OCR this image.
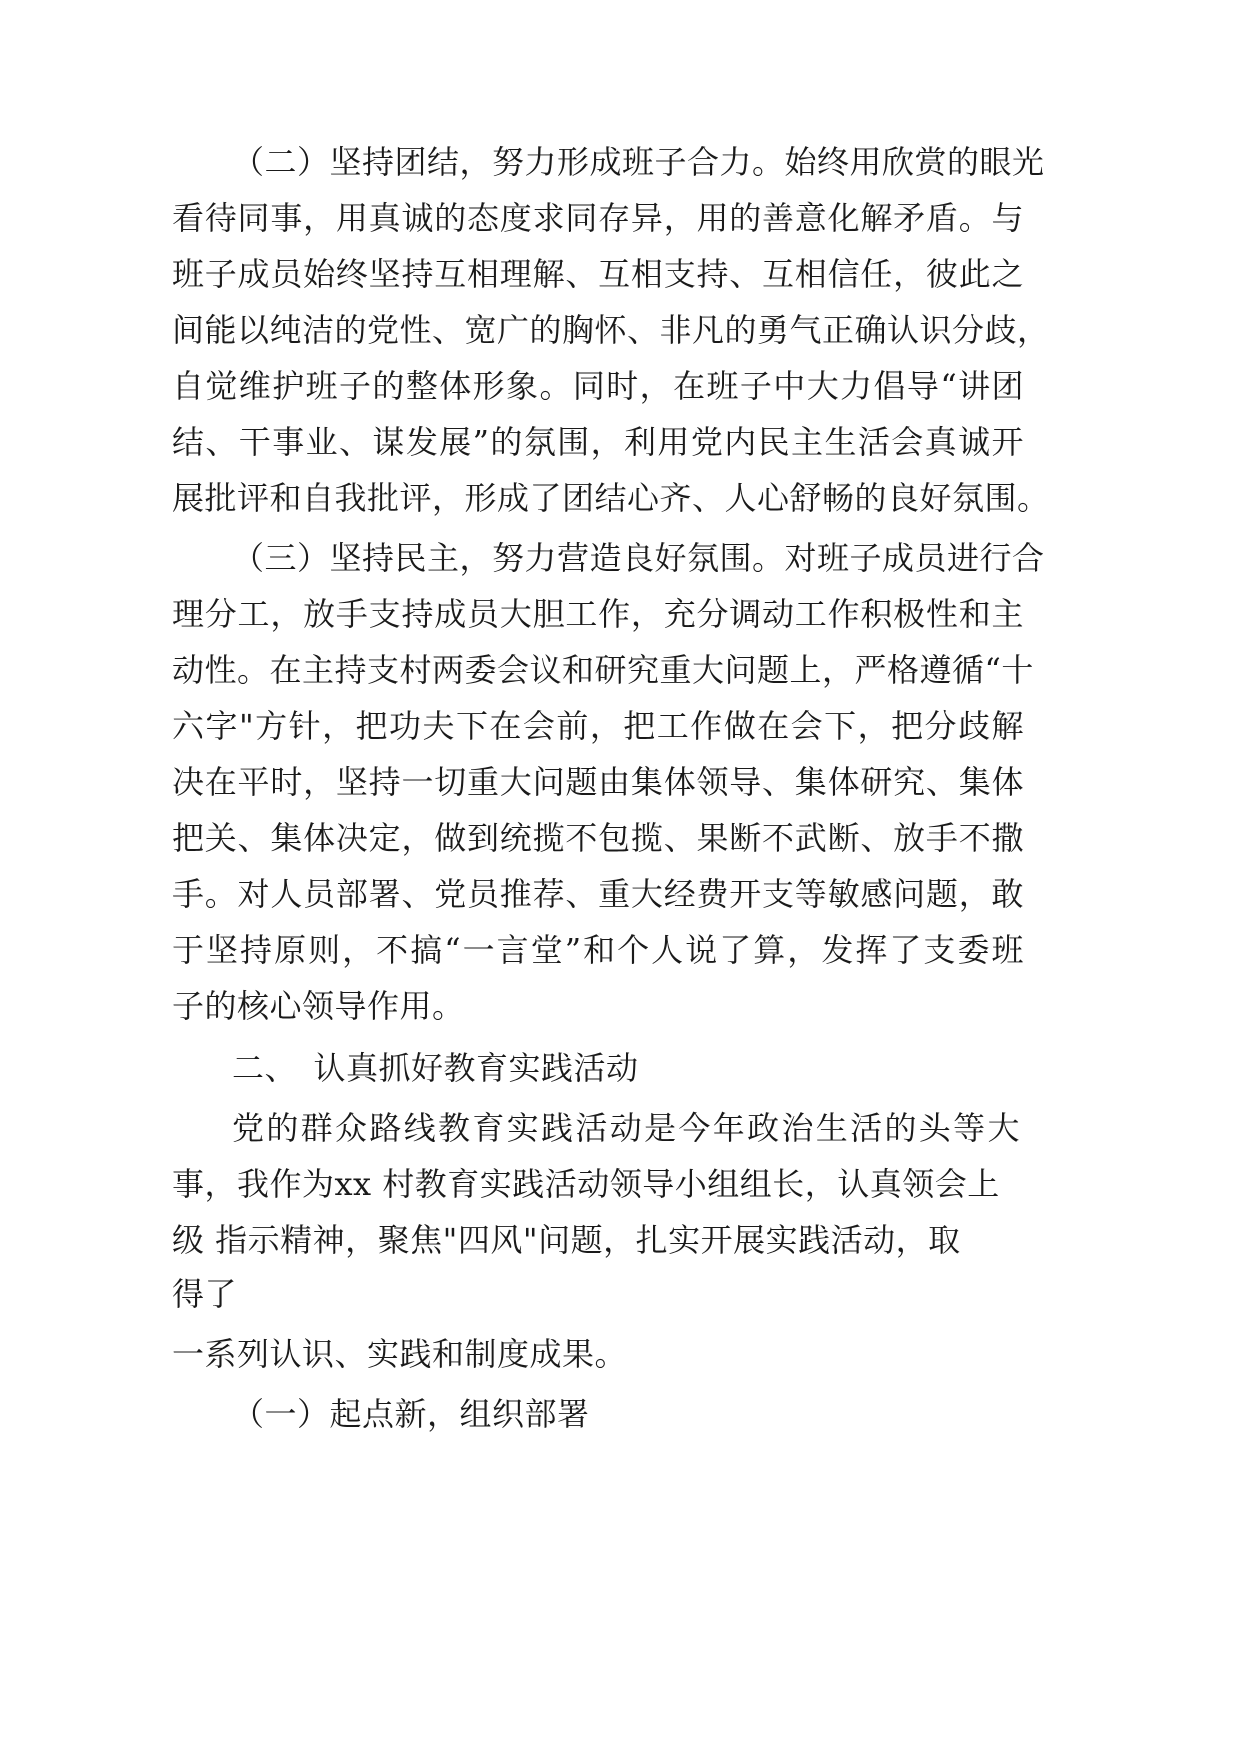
（二）坚持团结，努力形成班子合力。始终用欣赏的眼光
看待同事，用真诚的态度求同存异，用的善意化解矛盾。与
班子成员始终坚持互相理解、互相支持、互相信任，彼此之
间能以纯洁的党性、宽广的胸怀、非凡的勇气正确认识分歧，
自觉维护班子的整体形象。同时，在班子中大力倡导“讲团
结、干事业、谋发展”的氛围，利用党内民主生活会真诚开
展批评和自我批评，形成了团结心齐、人心舒畅的良好氛围。
（三）坚持民主，努力营造良好氛围。对班子成员进行合
理分工，放手支持成员大胆工作，充分调动工作积极性和主
动性。在主持支村两委会议和研究重大问题上，严格遵循“十
六字"方针，把功夫下在会前，把工作做在会下，把分歧解
决在平时，坚持一切重大问题由集体领导、集体研究、集体
把关、集体决定，做到统揽不包揽、果断不武断、放手不撒
手。对人员部署、党员推荐、重大经费开支等敏感问题，敢
于坚持原则，不搞“一言堂”和个人说了算，发挥了支委班
子的核心领导作用。
二、　认真抓好教育实践活动
党的群众路线教育实践活动是今年政治生活的头等大
事，我作为xx 村教育实践活动领导小组组长，认真领会上
级 指示精神，聚焦"四风"问题，扎实开展实践活动，取
得了
一系列认识、实践和制度成果。
（一）起点新，组织部署
